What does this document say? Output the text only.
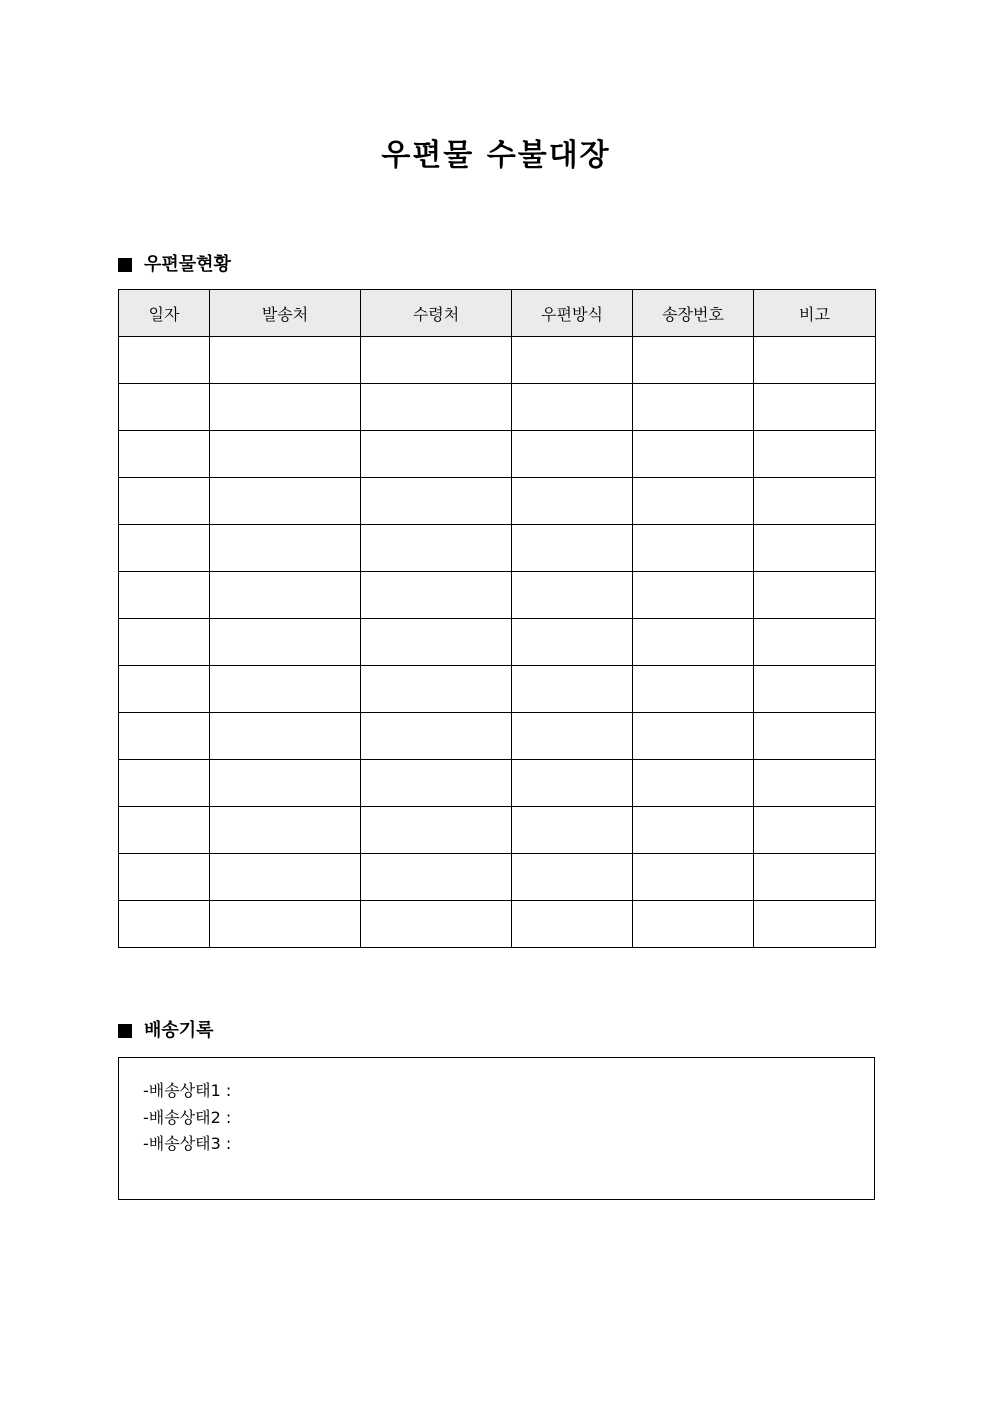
우편물 수불대장
우편물현황
일자	발송처	수령처	우편방식	송장번호	비고

배송기록
-배송상태1 :
-배송상태2 :
-배송상태3 :
